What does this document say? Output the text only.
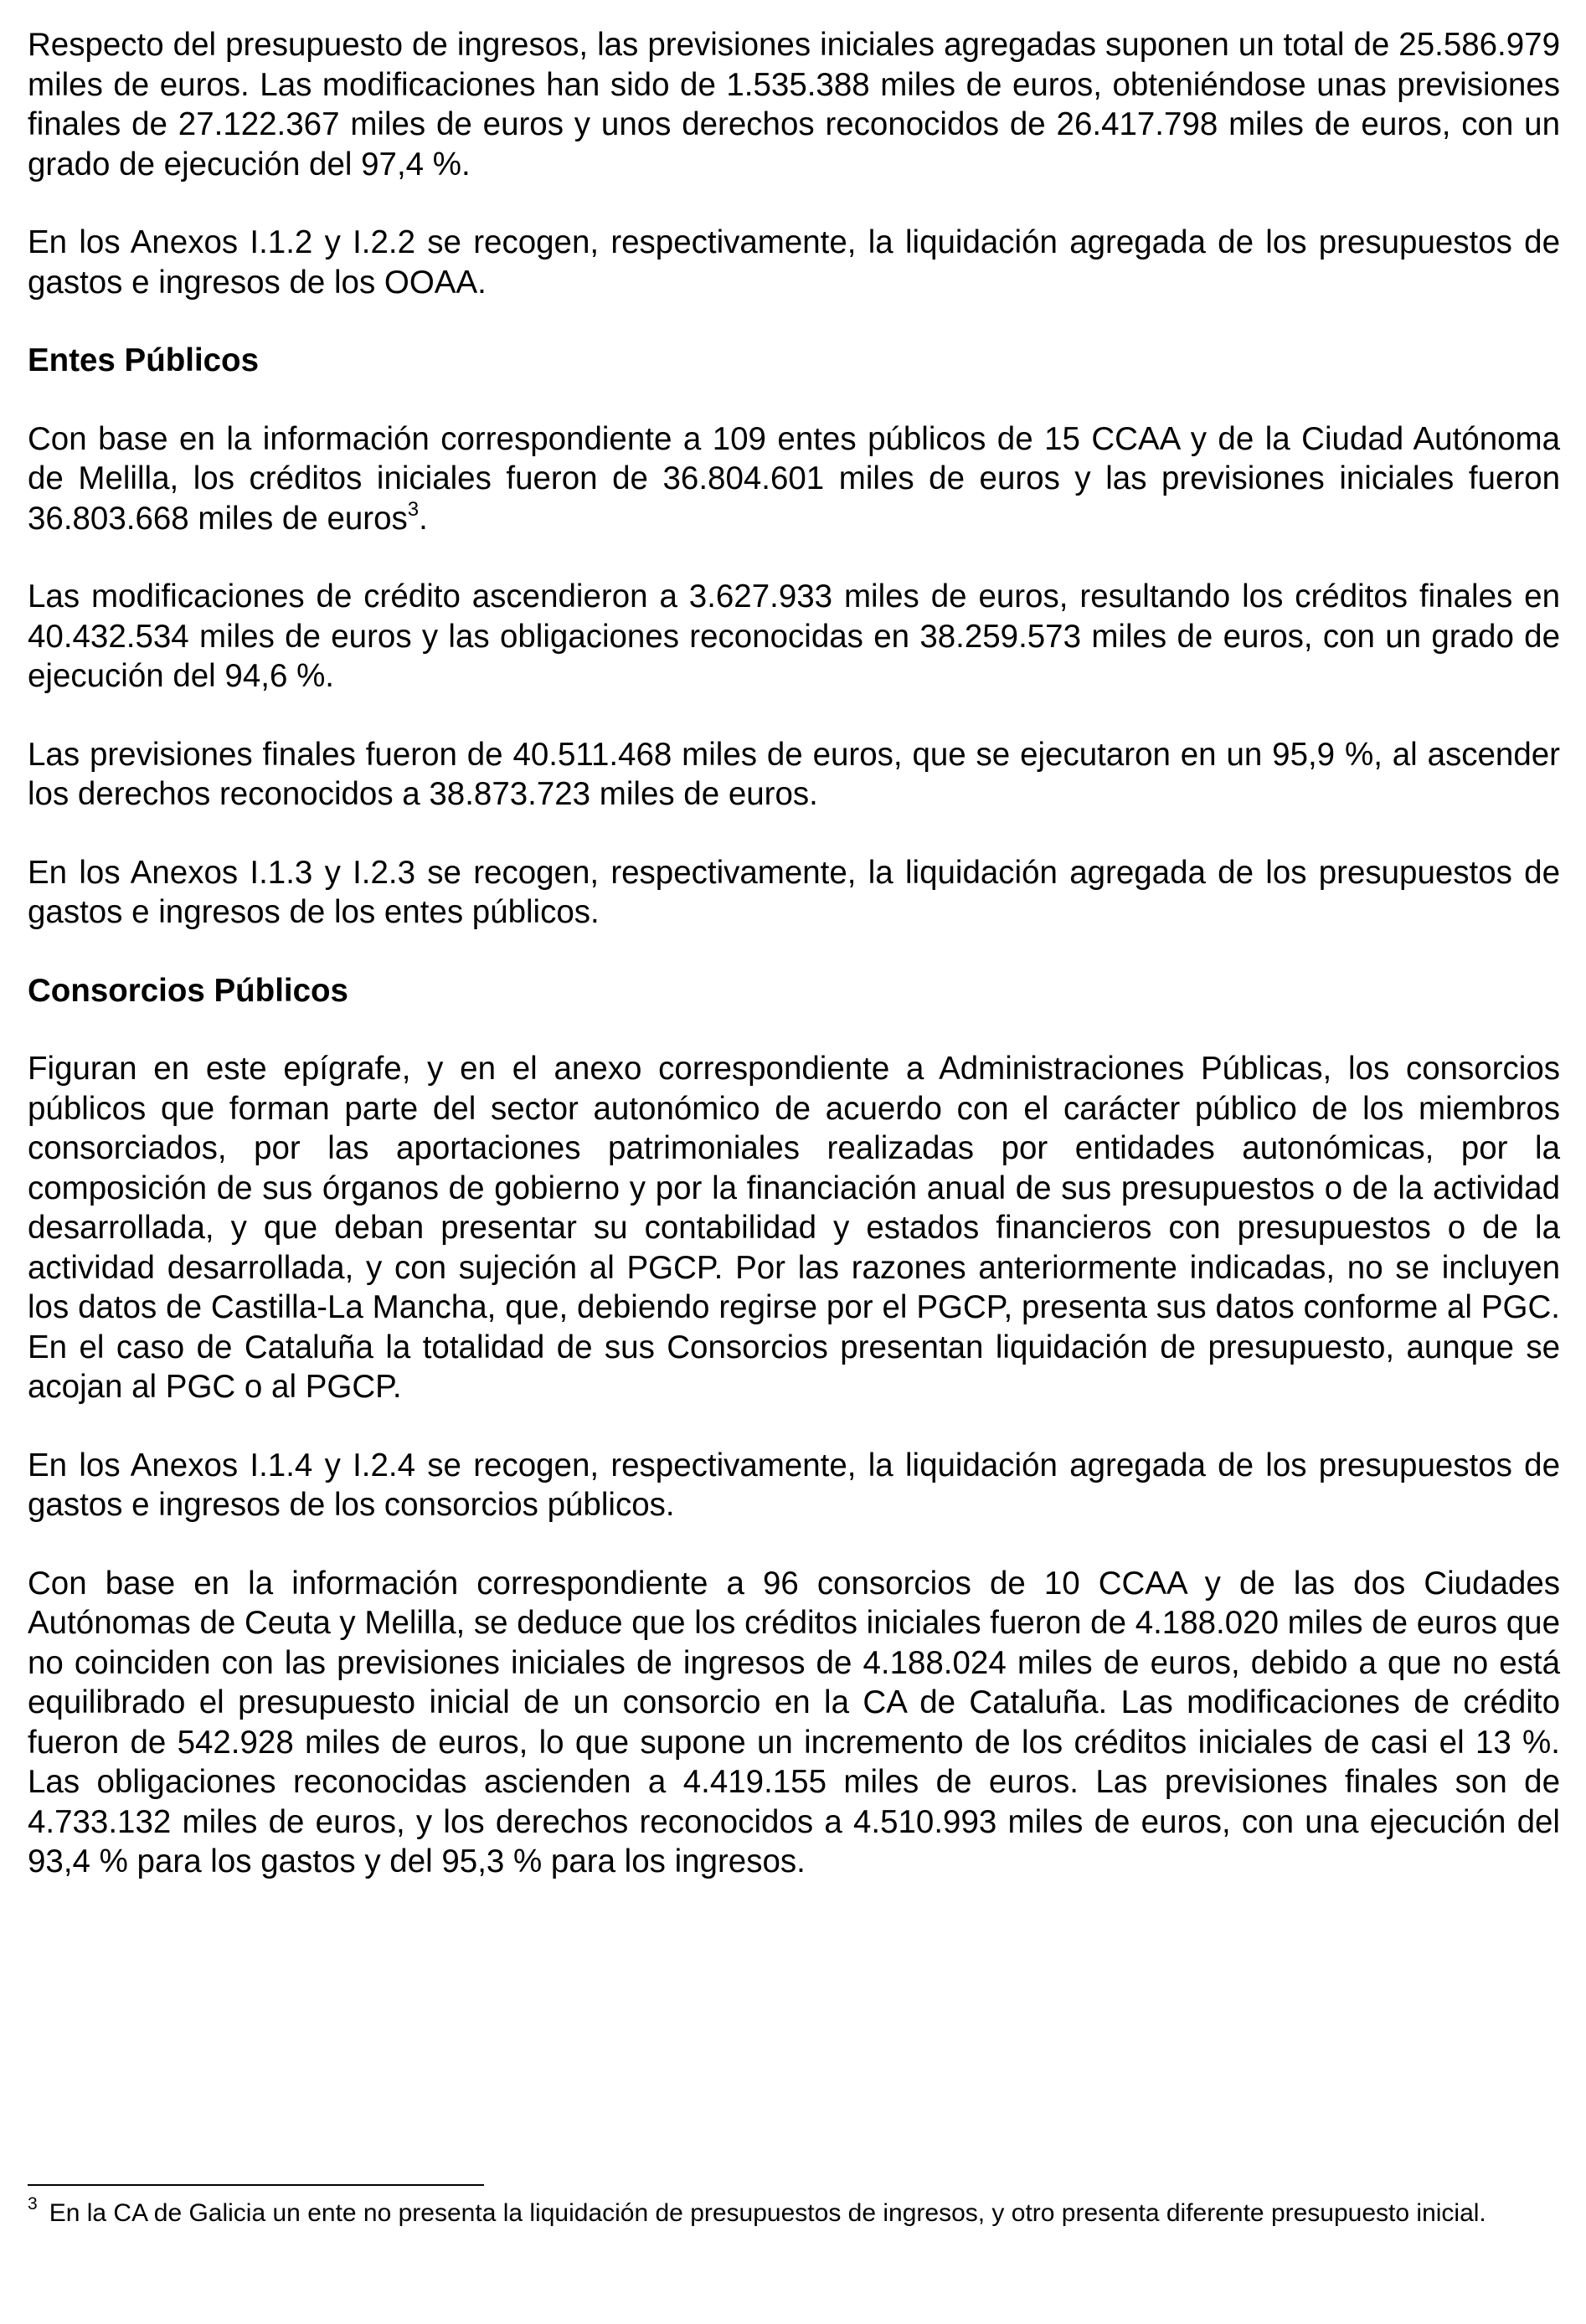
Respecto del presupuesto de ingresos, las previsiones iniciales agregadas suponen un total de 25.586.979 miles de euros. Las modificaciones han sido de 1.535.388 miles de euros, obteniéndose unas previsiones finales de 27.122.367 miles de euros y unos derechos reconocidos de 26.417.798 miles de euros, con un grado de ejecución del 97,4 %.

En los Anexos I.1.2 y I.2.2 se recogen, respectivamente, la liquidación agregada de los presupuestos de gastos e ingresos de los OOAA.

Entes Públicos

Con base en la información correspondiente a 109 entes públicos de 15 CCAA y de la Ciudad Autónoma de Melilla, los créditos iniciales fueron de 36.804.601 miles de euros y las previsiones iniciales fueron 36.803.668 miles de euros$^3$.

Las modificaciones de crédito ascendieron a 3.627.933 miles de euros, resultando los créditos finales en 40.432.534 miles de euros y las obligaciones reconocidas en 38.259.573 miles de euros, con un grado de ejecución del 94,6 %.

Las previsiones finales fueron de 40.511.468 miles de euros, que se ejecutaron en un 95,9 %, al ascender los derechos reconocidos a 38.873.723 miles de euros.

En los Anexos I.1.3 y I.2.3 se recogen, respectivamente, la liquidación agregada de los presupuestos de gastos e ingresos de los entes públicos.

Consorcios Públicos

Figuran en este epígrafe, y en el anexo correspondiente a Administraciones Públicas, los consorcios públicos que forman parte del sector autonómico de acuerdo con el carácter público de los miembros consorciados, por las aportaciones patrimoniales realizadas por entidades autonómicas, por la composición de sus órganos de gobierno y por la financiación anual de sus presupuestos o de la actividad desarrollada, y que deban presentar su contabilidad y estados financieros con presupuestos o de la actividad desarrollada, y con sujeción al PGCP. Por las razones anteriormente indicadas, no se incluyen los datos de Castilla-La Mancha, que, debiendo regirse por el PGCP, presenta sus datos conforme al PGC. En el caso de Cataluña la totalidad de sus Consorcios presentan liquidación de presupuesto, aunque se acojan al PGC o al PGCP.

En los Anexos I.1.4 y I.2.4 se recogen, respectivamente, la liquidación agregada de los presupuestos de gastos e ingresos de los consorcios públicos.

Con base en la información correspondiente a 96 consorcios de 10 CCAA y de las dos Ciudades Autónomas de Ceuta y Melilla, se deduce que los créditos iniciales fueron de 4.188.020 miles de euros que no coinciden con las previsiones iniciales de ingresos de 4.188.024 miles de euros, debido a que no está equilibrado el presupuesto inicial de un consorcio en la CA de Cataluña. Las modificaciones de crédito fueron de 542.928 miles de euros, lo que supone un incremento de los créditos iniciales de casi el 13 %. Las obligaciones reconocidas ascienden a 4.419.155 miles de euros. Las previsiones finales son de 4.733.132 miles de euros, y los derechos reconocidos a 4.510.993 miles de euros, con una ejecución del 93,4 % para los gastos y del 95,3 % para los ingresos.

$^3$ En la CA de Galicia un ente no presenta la liquidación de presupuestos de ingresos, y otro presenta diferente presupuesto inicial.
